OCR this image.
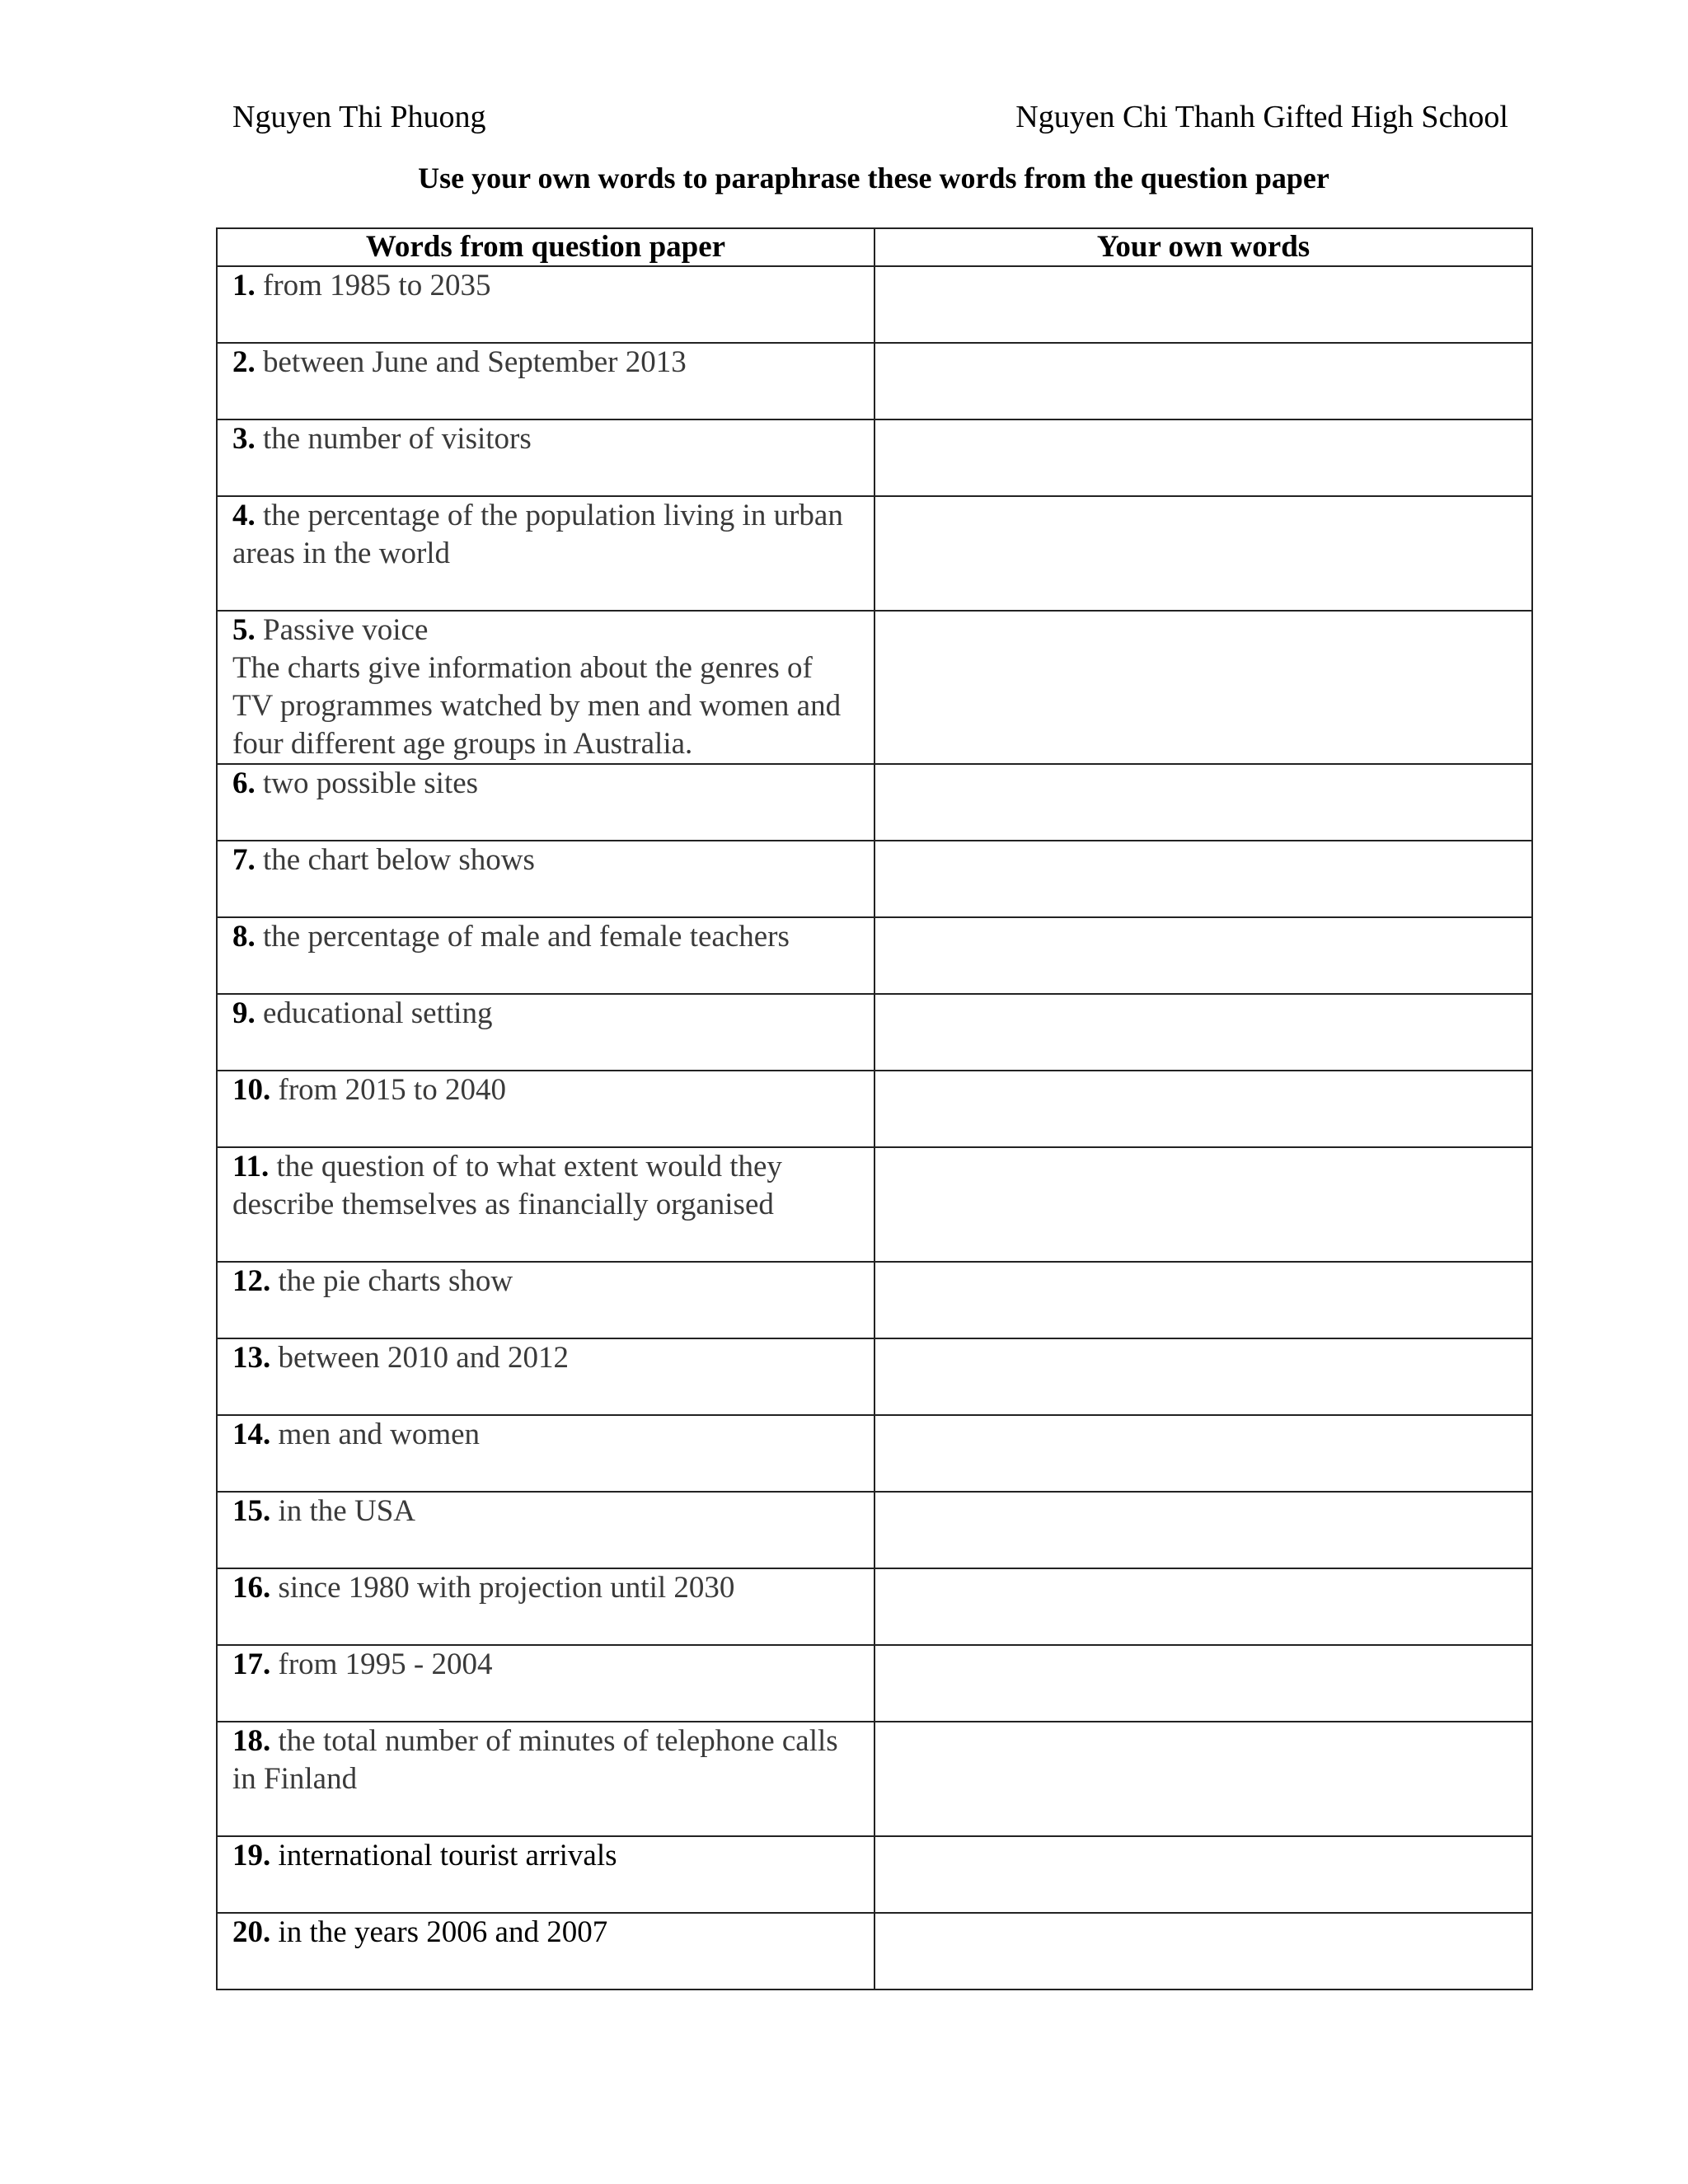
Nguyen Thi Phuong	Nguyen Chi Thanh Gifted High School
Use your own words to paraphrase these words from the question paper
Words from question paper	Your own words
1. from 1985 to 2035	
2. between June and September 2013	
3. the number of visitors	
4. the percentage of the population living in urban areas in the world	
5. Passive voice
The charts give information about the genres of TV programmes watched by men and women and four different age groups in Australia.	

6. two possible sites	
7. the chart below shows	
8. the percentage of male and female teachers	
9. educational setting	
10. from 2015 to 2040	
11. the question of to what extent would they describe themselves as financially organised	
12. the pie charts show	
13. between 2010 and 2012	
14. men and women	
15. in the USA	
16. since 1980 with projection until 2030	
17. from 1995 - 2004	
18. the total number of minutes of telephone calls in Finland	
19. international tourist arrivals	
20. in the years 2006 and 2007	
